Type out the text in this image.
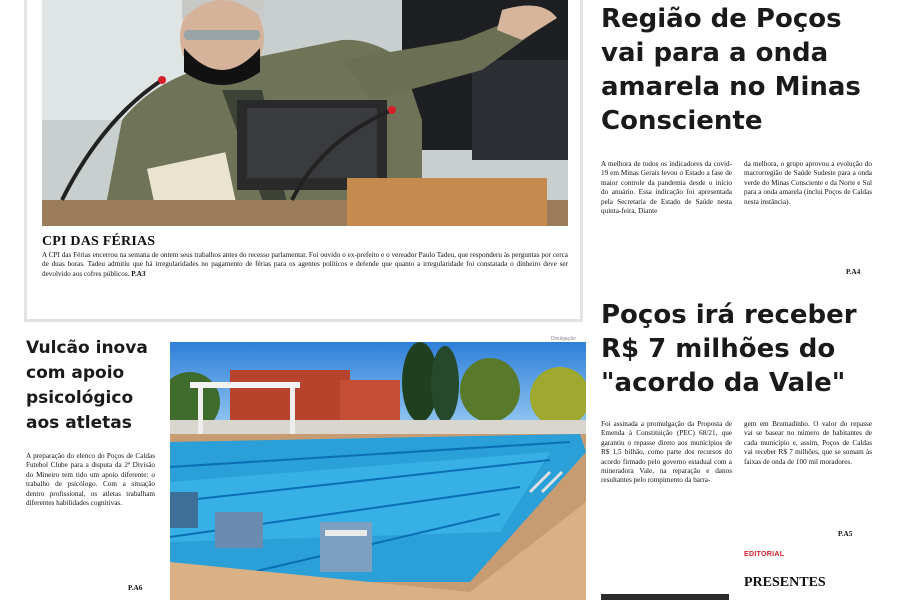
CPI DAS FÉRIAS
A CPI das Férias encerrou na semana de ontem seus trabalhos antes do recesso parlamentar. Foi ouvido o ex-prefeito e o vereador Paulo Tadeu, que responderu às perguntas por cerca de duas horas. Tadeu admitiu que há irregularidades no pagamento de férias para os agentes políticos e defende que quanto a irregularidade foi constatada o dinheiro deve ser devolvido aos cofres públicos. P.A3
Região de Poços vai para a onda amarela no Minas Consciente
A melhora de todos os indicadores da covid-19 em Minas Gerais levou o Estado a fase de maior controle da pandemia desde o início do anuário. Essa indicação foi apresentada pela Secretaria de Estado de Saúde nesta quinta-feira. Diante
da melhora, o grupo aprovou a evolução do macrorregião de Saúde Sudeste para a onda verde do Minas Consciente e da Norte e Sul para a onda amarela (inclui Poços de Caldas nesta instância).
P.A4
Poços irá receber R$ 7 milhões do "acordo da Vale"
Foi assinada a promulgação da Proposta de Emenda à Constituição (PEC) 68/21, que garantiu o repasse direto aos municípios de R$ 1,5 bilhão, como parte dos recursos do acordo firmado pelo governo estadual com a mineradora Vale, na reparação e danos resultantes pelo rompimento da barra-
gem em Brumadinho. O valor do repasse vai se basear no número de habitantes de cada município e, assim, Poços de Caldas vai receber R$ 7 milhões, que se somam às faixas de onda de 100 mil moradores.
P.A5
EDITORIAL
PRESENTES
Vulcão inova com apoio psicológico aos atletas
A preparação do elenco do Poços de Caldas Futebol Clube para a disputa da 2ª Divisão do Mineiro tem tido um apoio diferente: o trabalho de psicólogo. Com a situação dentro profissional, os atletas trabalham diferentes habilidades cognitivas.
P.A6
Divulgação
